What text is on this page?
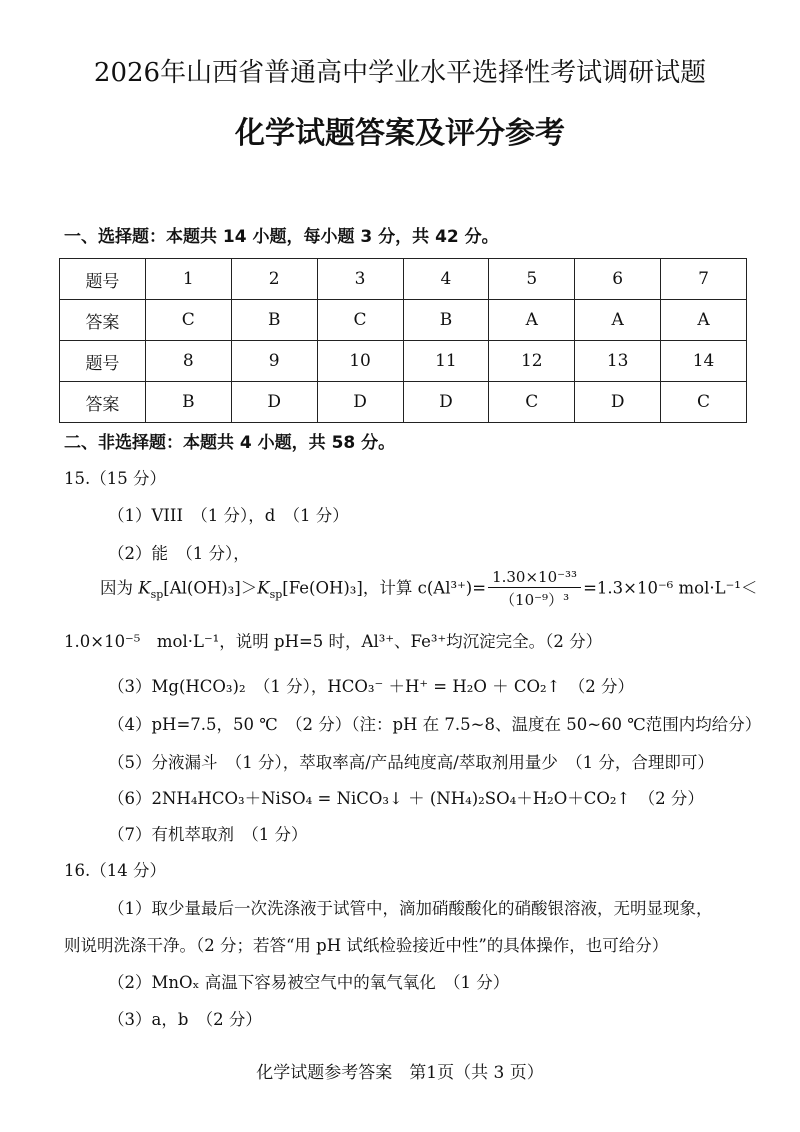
2026年山西省普通高中学业水平选择性考试调研试题
化学试题答案及评分参考
一、选择题：本题共 14 小题，每小题 3 分，共 42 分。
题号	1	2	3	4	5	6	7
答案	C	B	C	B	A	A	A
题号	8	9	10	11	12	13	14
答案	B	D	D	D	C	D	C
二、非选择题：本题共 4 小题，共 58 分。
15.（15 分）
（1）VIII　（1 分），d　（1 分）
（2）能　（1 分），
因为 $K_{sp}[Al(OH)_3]>K_{sp}[Fe(OH)_3]$，计算 $c(Al^{3+})= \frac{\text{1.30×10⁻³³}}{\text{（10⁻⁹）³}} =1.3\times 10^{-6}$ mol·L⁻¹＜
1.0×10⁻⁵　mol·L⁻¹，说明 pH=5 时，Al³⁺、Fe³⁺均沉淀完全。（2 分）
（3）Mg(HCO₃)₂　（1 分），HCO₃⁻ ＋H⁺ = H₂O ＋ CO₂↑　（2 分）
（4）pH=7.5，50 ℃　（2 分）（注：pH 在 7.5~8、温度在 50~60 ℃范围内均给分）
（5）分液漏斗　（1 分），萃取率高/产品纯度高/萃取剂用量少　（1 分，合理即可）
（6）2NH₄HCO₃＋NiSO₄ = NiCO₃↓ ＋ (NH₄)₂SO₄＋H₂O＋CO₂↑　（2 分）
（7）有机萃取剂　（1 分）
16.（14 分）
（1）取少量最后一次洗涤液于试管中，滴加硝酸酸化的硝酸银溶液，无明显现象，
则说明洗涤干净。（2 分；若答“用 pH 试纸检验接近中性”的具体操作，也可给分）
（2）MnOₓ 高温下容易被空气中的氧气氧化　（1 分）
（3）a，b　（2 分）
化学试题参考答案　第1页（共 3 页）
